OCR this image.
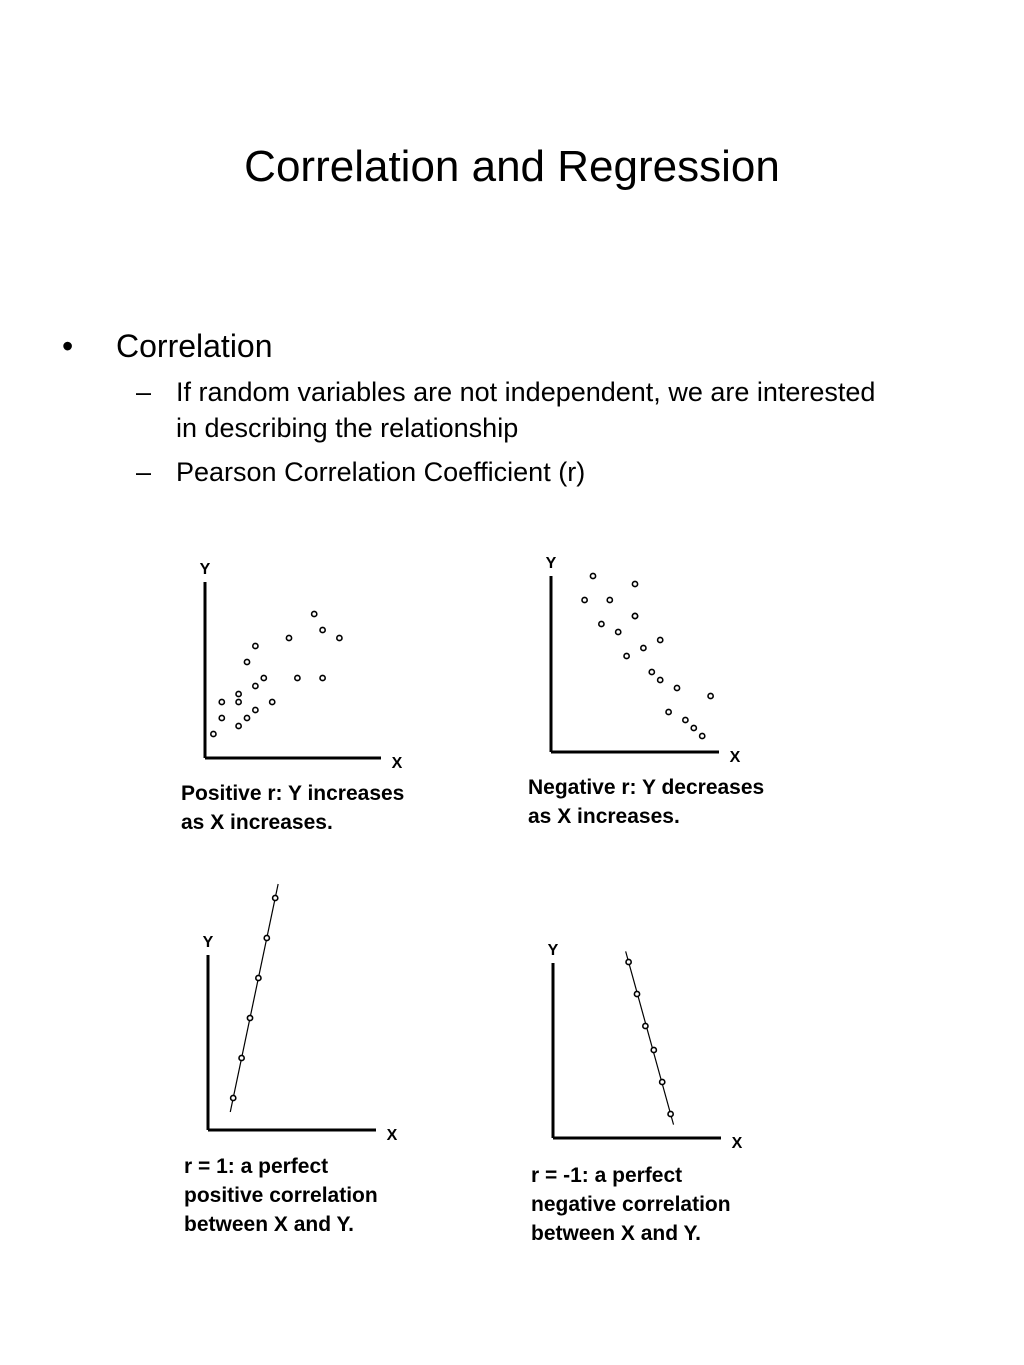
Correlation and Regression
•	Correlation
– If random variables are not independent, we are interested in describing the relationship
– Pearson Correlation Coefficient (r)
Y
X
Y
X
Y
X
Y
X
Positive r: Y increases
as X increases.
Negative r: Y decreases
as X increases.
r = 1: a perfect
positive correlation
between X and Y.
r = -1: a perfect
negative correlation
between X and Y.
